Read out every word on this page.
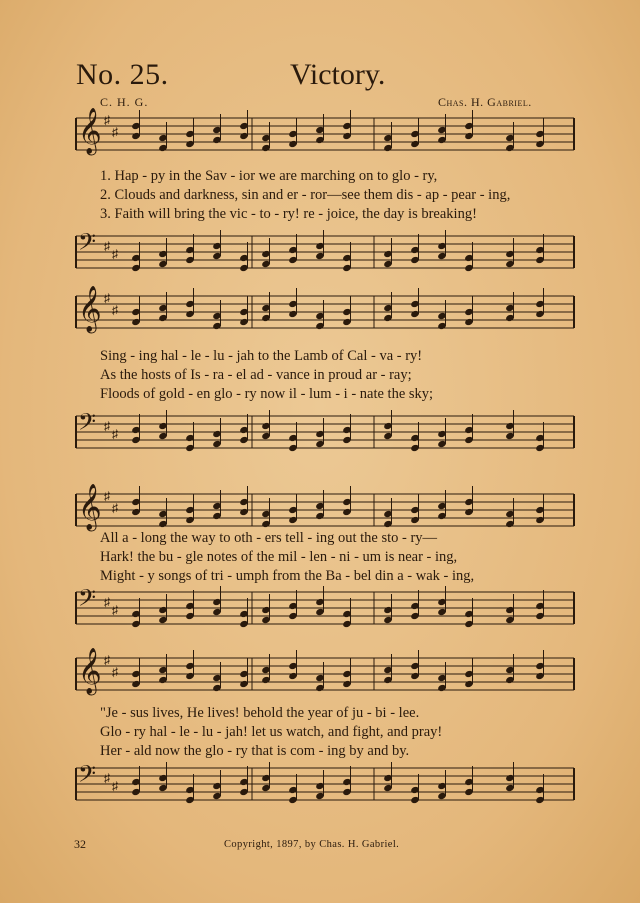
No. 25.	Victory.
C. H. G.	Chas. H. Gabriel.
𝄞 ♯
♯
1. Hap - py in the Sav - ior we are marching on to glo - ry,
2. Clouds and darkness, sin and er - ror—see them dis - ap - pear - ing,
3. Faith will bring the vic - to - ry! re - joice, the day is breaking!
𝄢 ♯
♯
𝄞 ♯
♯
Sing - ing hal - le - lu - jah to the Lamb of Cal - va - ry!
As the hosts of Is - ra - el ad - vance in proud ar - ray;
Floods of gold - en glo - ry now il - lum - i - nate the sky;
𝄢 ♯
♯
𝄞 ♯
♯
All a - long the way to oth - ers tell - ing out the sto - ry—
Hark! the bu - gle notes of the mil - len - ni - um is near - ing,
Might - y songs of tri - umph from the Ba - bel din a - wak - ing,
𝄢 ♯
♯
𝄞 ♯
♯
"Je - sus lives, He lives! behold the year of ju - bi - lee.
Glo - ry hal - le - lu - jah! let us watch, and fight, and pray!
Her - ald now the glo - ry that is com - ing by and by.
𝄢 ♯
♯
32	Copyright, 1897, by Chas. H. Gabriel.
